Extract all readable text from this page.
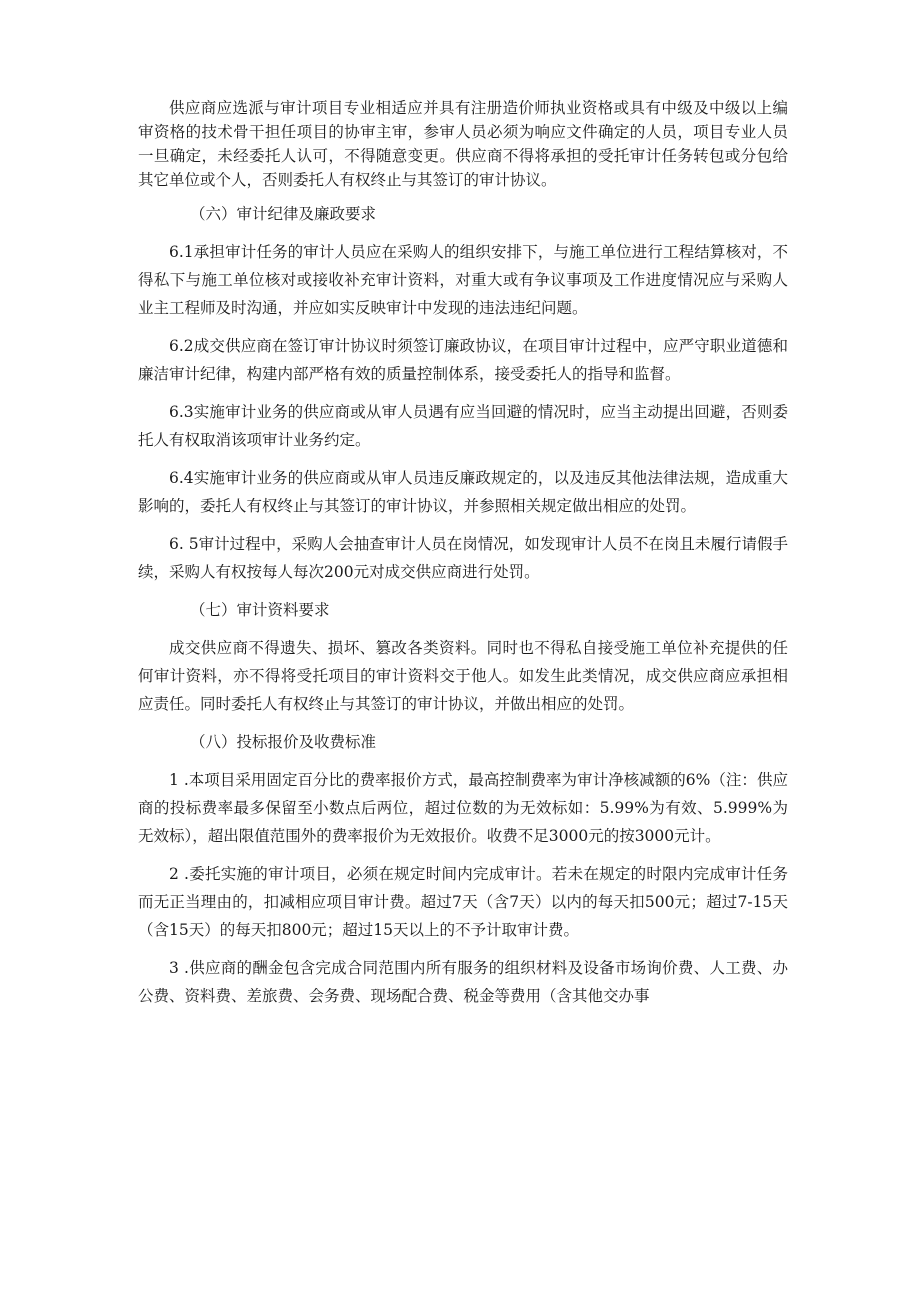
供应商应选派与审计项目专业相适应并具有注册造价师执业资格或具有中级及中级以上编审资格的技术骨干担任项目的协审主审，参审人员必须为响应文件确定的人员，项目专业人员一旦确定，未经委托人认可，不得随意变更。供应商不得将承担的受托审计任务转包或分包给其它单位或个人，否则委托人有权终止与其签订的审计协议。

（六）审计纪律及廉政要求

6.1承担审计任务的审计人员应在采购人的组织安排下，与施工单位进行工程结算核对，不得私下与施工单位核对或接收补充审计资料，对重大或有争议事项及工作进度情况应与采购人业主工程师及时沟通，并应如实反映审计中发现的违法违纪问题。

6.2成交供应商在签订审计协议时须签订廉政协议，在项目审计过程中，应严守职业道德和廉洁审计纪律，构建内部严格有效的质量控制体系，接受委托人的指导和监督。

6.3实施审计业务的供应商或从审人员遇有应当回避的情况时，应当主动提出回避，否则委托人有权取消该项审计业务约定。

6.4实施审计业务的供应商或从审人员违反廉政规定的，以及违反其他法律法规，造成重大影响的，委托人有权终止与其签订的审计协议，并参照相关规定做出相应的处罚。

6. 5审计过程中，采购人会抽查审计人员在岗情况，如发现审计人员不在岗且未履行请假手续，采购人有权按每人每次200元对成交供应商进行处罚。

（七）审计资料要求

成交供应商不得遗失、损坏、篡改各类资料。同时也不得私自接受施工单位补充提供的任何审计资料，亦不得将受托项目的审计资料交于他人。如发生此类情况，成交供应商应承担相应责任。同时委托人有权终止与其签订的审计协议，并做出相应的处罚。

（八）投标报价及收费标准

1 .本项目采用固定百分比的费率报价方式，最高控制费率为审计净核减额的6%（注：供应商的投标费率最多保留至小数点后两位，超过位数的为无效标如：5.99%为有效、5.999%为无效标），超出限值范围外的费率报价为无效报价。收费不足3000元的按3000元计。

2 .委托实施的审计项目，必须在规定时间内完成审计。若未在规定的时限内完成审计任务而无正当理由的，扣减相应项目审计费。超过7天（含7天）以内的每天扣500元；超过7-15天（含15天）的每天扣800元；超过15天以上的不予计取审计费。

3 .供应商的酬金包含完成合同范围内所有服务的组织材料及设备市场询价费、人工费、办公费、资料费、差旅费、会务费、现场配合费、税金等费用（含其他交办事
